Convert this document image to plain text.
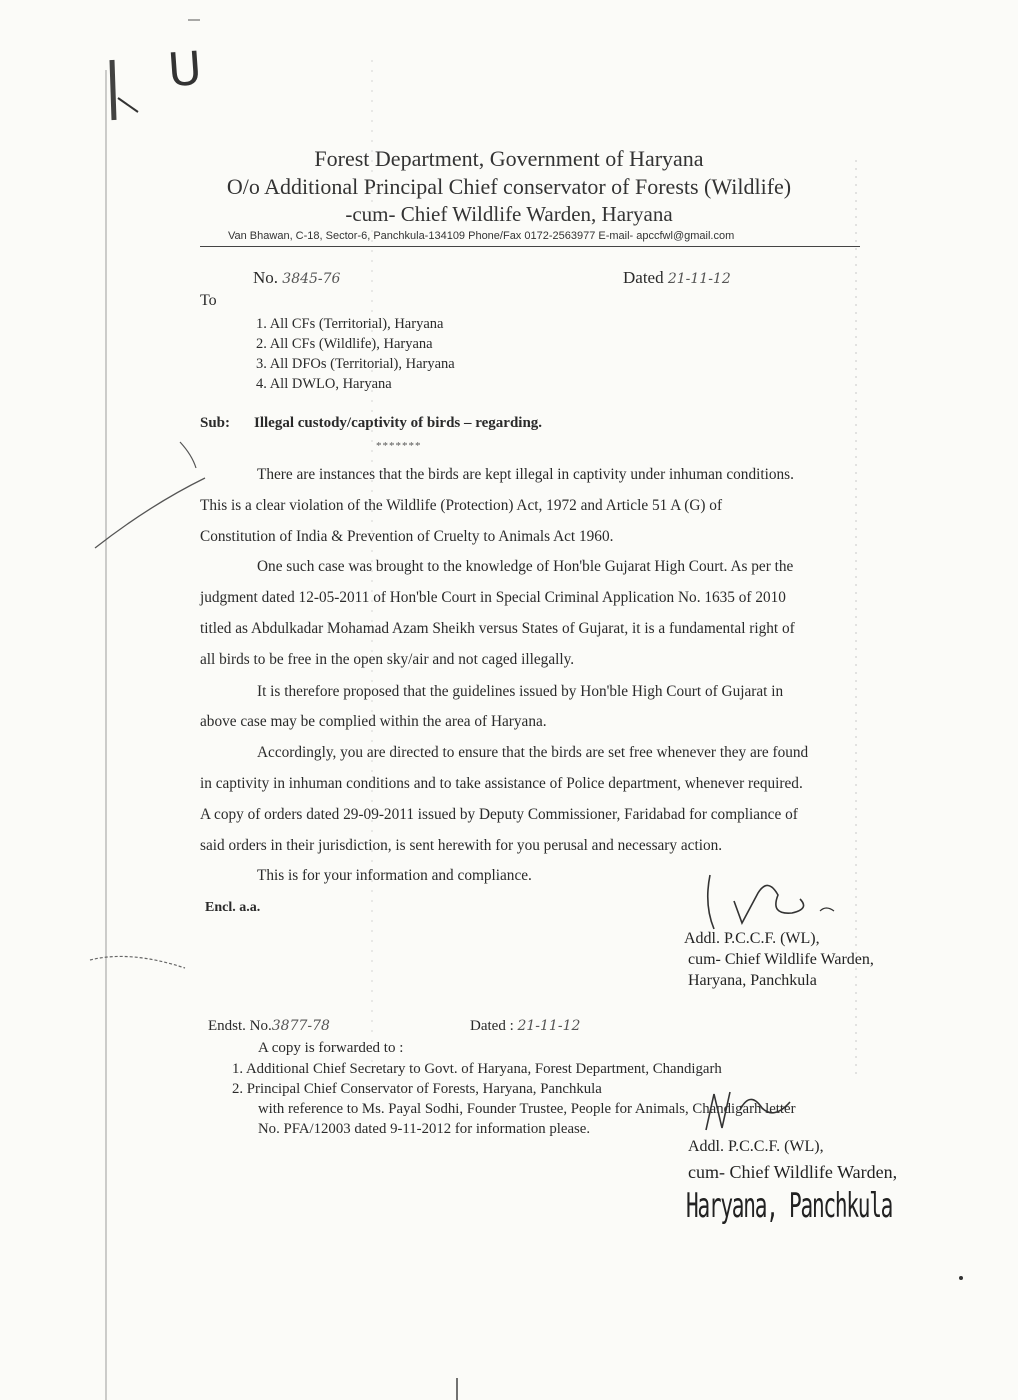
U
Forest Department, Government of Haryana
O/o Additional Principal Chief conservator of Forests (Wildlife)
-cum- Chief Wildlife Warden, Haryana
Van Bhawan, C-18, Sector-6, Panchkula-134109 Phone/Fax 0172-2563977 E-mail- apccfwl@gmail.com
No. 3845-76	Dated 21-11-12
To
1. All CFs (Territorial), Haryana
2. All CFs (Wildlife), Haryana
3. All DFOs (Territorial), Haryana
4. All DWLO, Haryana
Sub: Illegal custody/captivity of birds – regarding.
*******
There are instances that the birds are kept illegal in captivity under inhuman conditions.
This is a clear violation of the Wildlife (Protection) Act, 1972 and Article 51 A (G) of
Constitution of India & Prevention of Cruelty to Animals Act 1960.
One such case was brought to the knowledge of Hon'ble Gujarat High Court. As per the
judgment dated 12-05-2011 of Hon'ble Court in Special Criminal Application No. 1635 of 2010
titled as Abdulkadar Mohamad Azam Sheikh versus States of Gujarat, it is a fundamental right of
all birds to be free in the open sky/air and not caged illegally.
It is therefore proposed that the guidelines issued by Hon'ble High Court of Gujarat in
above case may be complied within the area of Haryana.
Accordingly, you are directed to ensure that the birds are set free whenever they are found
in captivity in inhuman conditions and to take assistance of Police department, whenever required.
A copy of orders dated 29-09-2011 issued by Deputy Commissioner, Faridabad for compliance of
said orders in their jurisdiction, is sent herewith for you perusal and necessary action.
This is for your information and compliance.
Encl. a.a.
Addl. P.C.C.F. (WL),
cum- Chief Wildlife Warden,
Haryana, Panchkula
Endst. No.3877-78	Dated : 21-11-12
A copy is forwarded to :
1. Additional Chief Secretary to Govt. of Haryana, Forest Department, Chandigarh
2. Principal Chief Conservator of Forests, Haryana, Panchkula
with reference to Ms. Payal Sodhi, Founder Trustee, People for Animals, Chandigarh letter
No. PFA/12003 dated 9-11-2012 for information please.
Addl. P.C.C.F. (WL),
cum- Chief Wildlife Warden,
Haryana, Panchkula
